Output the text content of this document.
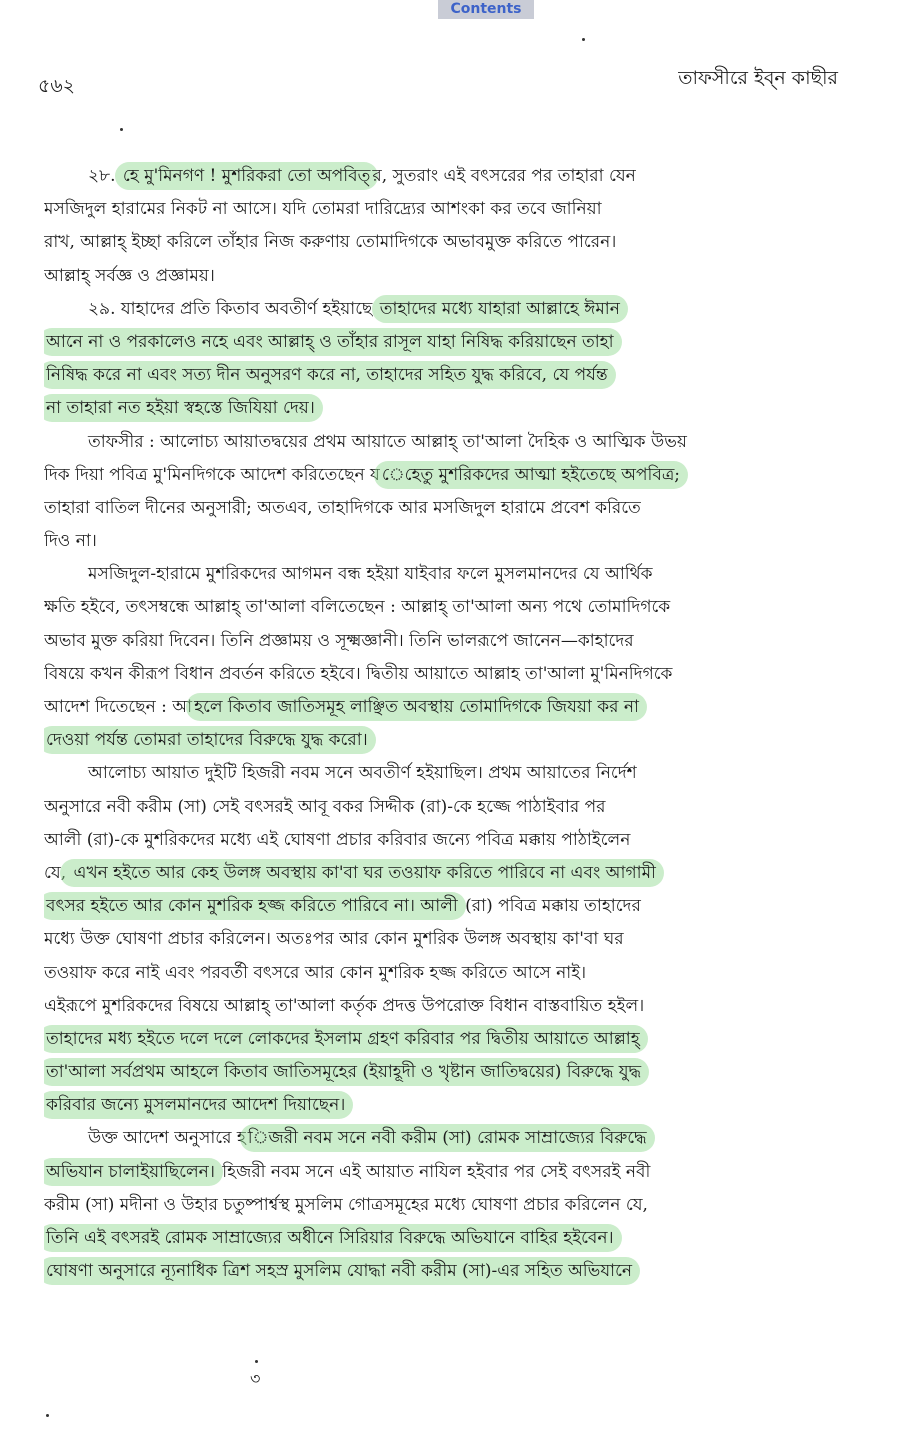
Contents
৫৬২	তাফসীরে ইব্‌ন কাছীর
২৮. হে মু'মিনগণ ! মুশরিকরা তো অপবিত্ র, সুতরাং এই বৎসরের পর তাহারা যেন
মসজিদুল হারামের নিকট না আসে। যদি তোমরা দারিদ্র্যের আশংকা কর তবে জানিয়া
রাখ, আল্লাহ্ ইচ্ছা করিলে তাঁহার নিজ করুণায় তোমাদিগকে অভাবমুক্ত করিতে পারেন।
আল্লাহ্ সর্বজ্ঞ ও প্রজ্ঞাময়।
২৯. যাহাদের প্রতি কিতাব অবতীর্ণ হইয়াছে তাহাদের মধ্যে যাহারা আল্লাহে ঈমান
আনে না ও পরকালেও নহে এবং আল্লাহ্ ও তাঁহার রাসূল যাহা নিষিদ্ধ করিয়াছেন তাহা
নিষিদ্ধ করে না এবং সত্য দীন অনুসরণ করে না, তাহাদের সহিত যুদ্ধ করিবে, যে পর্যন্ত
না তাহারা নত হইয়া স্বহস্তে জিযিয়া দেয়।
তাফসীর : আলোচ্য আয়াতদ্বয়ের প্রথম আয়াতে আল্লাহ্ তা'আলা দৈহিক ও আত্মিক উভয়
দিক দিয়া পবিত্র মু'মিনদিগকে আদেশ করিতেছেন য েহেতু মুশরিকদের আত্মা হইতেছে অপবিত্র;
তাহারা বাতিল দীনের অনুসারী; অতএব, তাহাদিগকে আর মসজিদুল হারামে প্রবেশ করিতে
দিও না।
মসজিদুল-হারামে মুশরিকদের আগমন বন্ধ হইয়া যাইবার ফলে মুসলমানদের যে আর্থিক
ক্ষতি হইবে, তৎসম্বন্ধে আল্লাহ্ তা'আলা বলিতেছেন : আল্লাহ্ তা'আলা অন্য পথে তোমাদিগকে
অভাব মুক্ত করিয়া দিবেন। তিনি প্রজ্ঞাময় ও সূক্ষ্মজ্ঞানী। তিনি ভালরূপে জানেন—কাহাদের
বিষয়ে কখন কীরূপ বিধান প্রবর্তন করিতে হইবে। দ্বিতীয় আয়াতে আল্লাহ তা'আলা মু'মিনদিগকে
আদেশ দিতেছেন : আ হলে কিতাব জাতিসমূহ লাঞ্ছিত অবস্থায় তোমাদিগকে জিযয়া কর না
দেওয়া পর্যন্ত তোমরা তাহাদের বিরুদ্ধে যুদ্ধ করো।
আলোচ্য আয়াত দুইটি হিজরী নবম সনে অবতীর্ণ হইয়াছিল। প্রথম আয়াতের নির্দেশ
অনুসারে নবী করীম (সা) সেই বৎসরই আবূ বকর সিদ্দীক (রা)-কে হজ্জে পাঠাইবার পর
আলী (রা)-কে মুশরিকদের মধ্যে এই ঘোষণা প্রচার করিবার জন্যে পবিত্র মক্কায় পাঠাইলেন
যে, এখন হইতে আর কেহ উলঙ্গ অবস্থায় কা'বা ঘর তওয়াফ করিতে পারিবে না এবং আগামী
বৎসর হইতে আর কোন মুশরিক হজ্জ করিতে পারিবে না। আলী (রা) পবিত্র মক্কায় তাহাদের
মধ্যে উক্ত ঘোষণা প্রচার করিলেন। অতঃপর আর কোন মুশরিক উলঙ্গ অবস্থায় কা'বা ঘর
তওয়াফ করে নাই এবং পরবর্তী বৎসরে আর কোন মুশরিক হজ্জ করিতে আসে নাই।
এইরূপে মুশরিকদের বিষয়ে আল্লাহ্ তা'আলা কর্তৃক প্রদত্ত উপরোক্ত বিধান বাস্তবায়িত হইল।
তাহাদের মধ্য হইতে দলে দলে লোকদের ইসলাম গ্রহণ করিবার পর দ্বিতীয় আয়াতে আল্লাহ্
তা'আলা সর্বপ্রথম আহলে কিতাব জাতিসমূহের (ইয়াহূদী ও খৃষ্টান জাতিদ্বয়ের) বিরুদ্ধে যুদ্ধ
করিবার জন্যে মুসলমানদের আদেশ দিয়াছেন।
উক্ত আদেশ অনুসারে হ িজরী নবম সনে নবী করীম (সা) রোমক সাম্রাজ্যের বিরুদ্ধে
অভিযান চালাইয়াছিলেন। হিজরী নবম সনে এই আয়াত নাযিল হইবার পর সেই বৎসরই নবী
করীম (সা) মদীনা ও উহার চতুষ্পার্শ্বস্থ মুসলিম গোত্রসমূহের মধ্যে ঘোষণা প্রচার করিলেন যে,
তিনি এই বৎসরই রোমক সাম্রাজ্যের অধীনে সিরিয়ার বিরুদ্ধে অভিযানে বাহির হইবেন।
ঘোষণা অনুসারে ন্যূনাধিক ত্রিশ সহস্র মুসলিম যোদ্ধা নবী করীম (সা)-এর সহিত অভিযানে
৩
